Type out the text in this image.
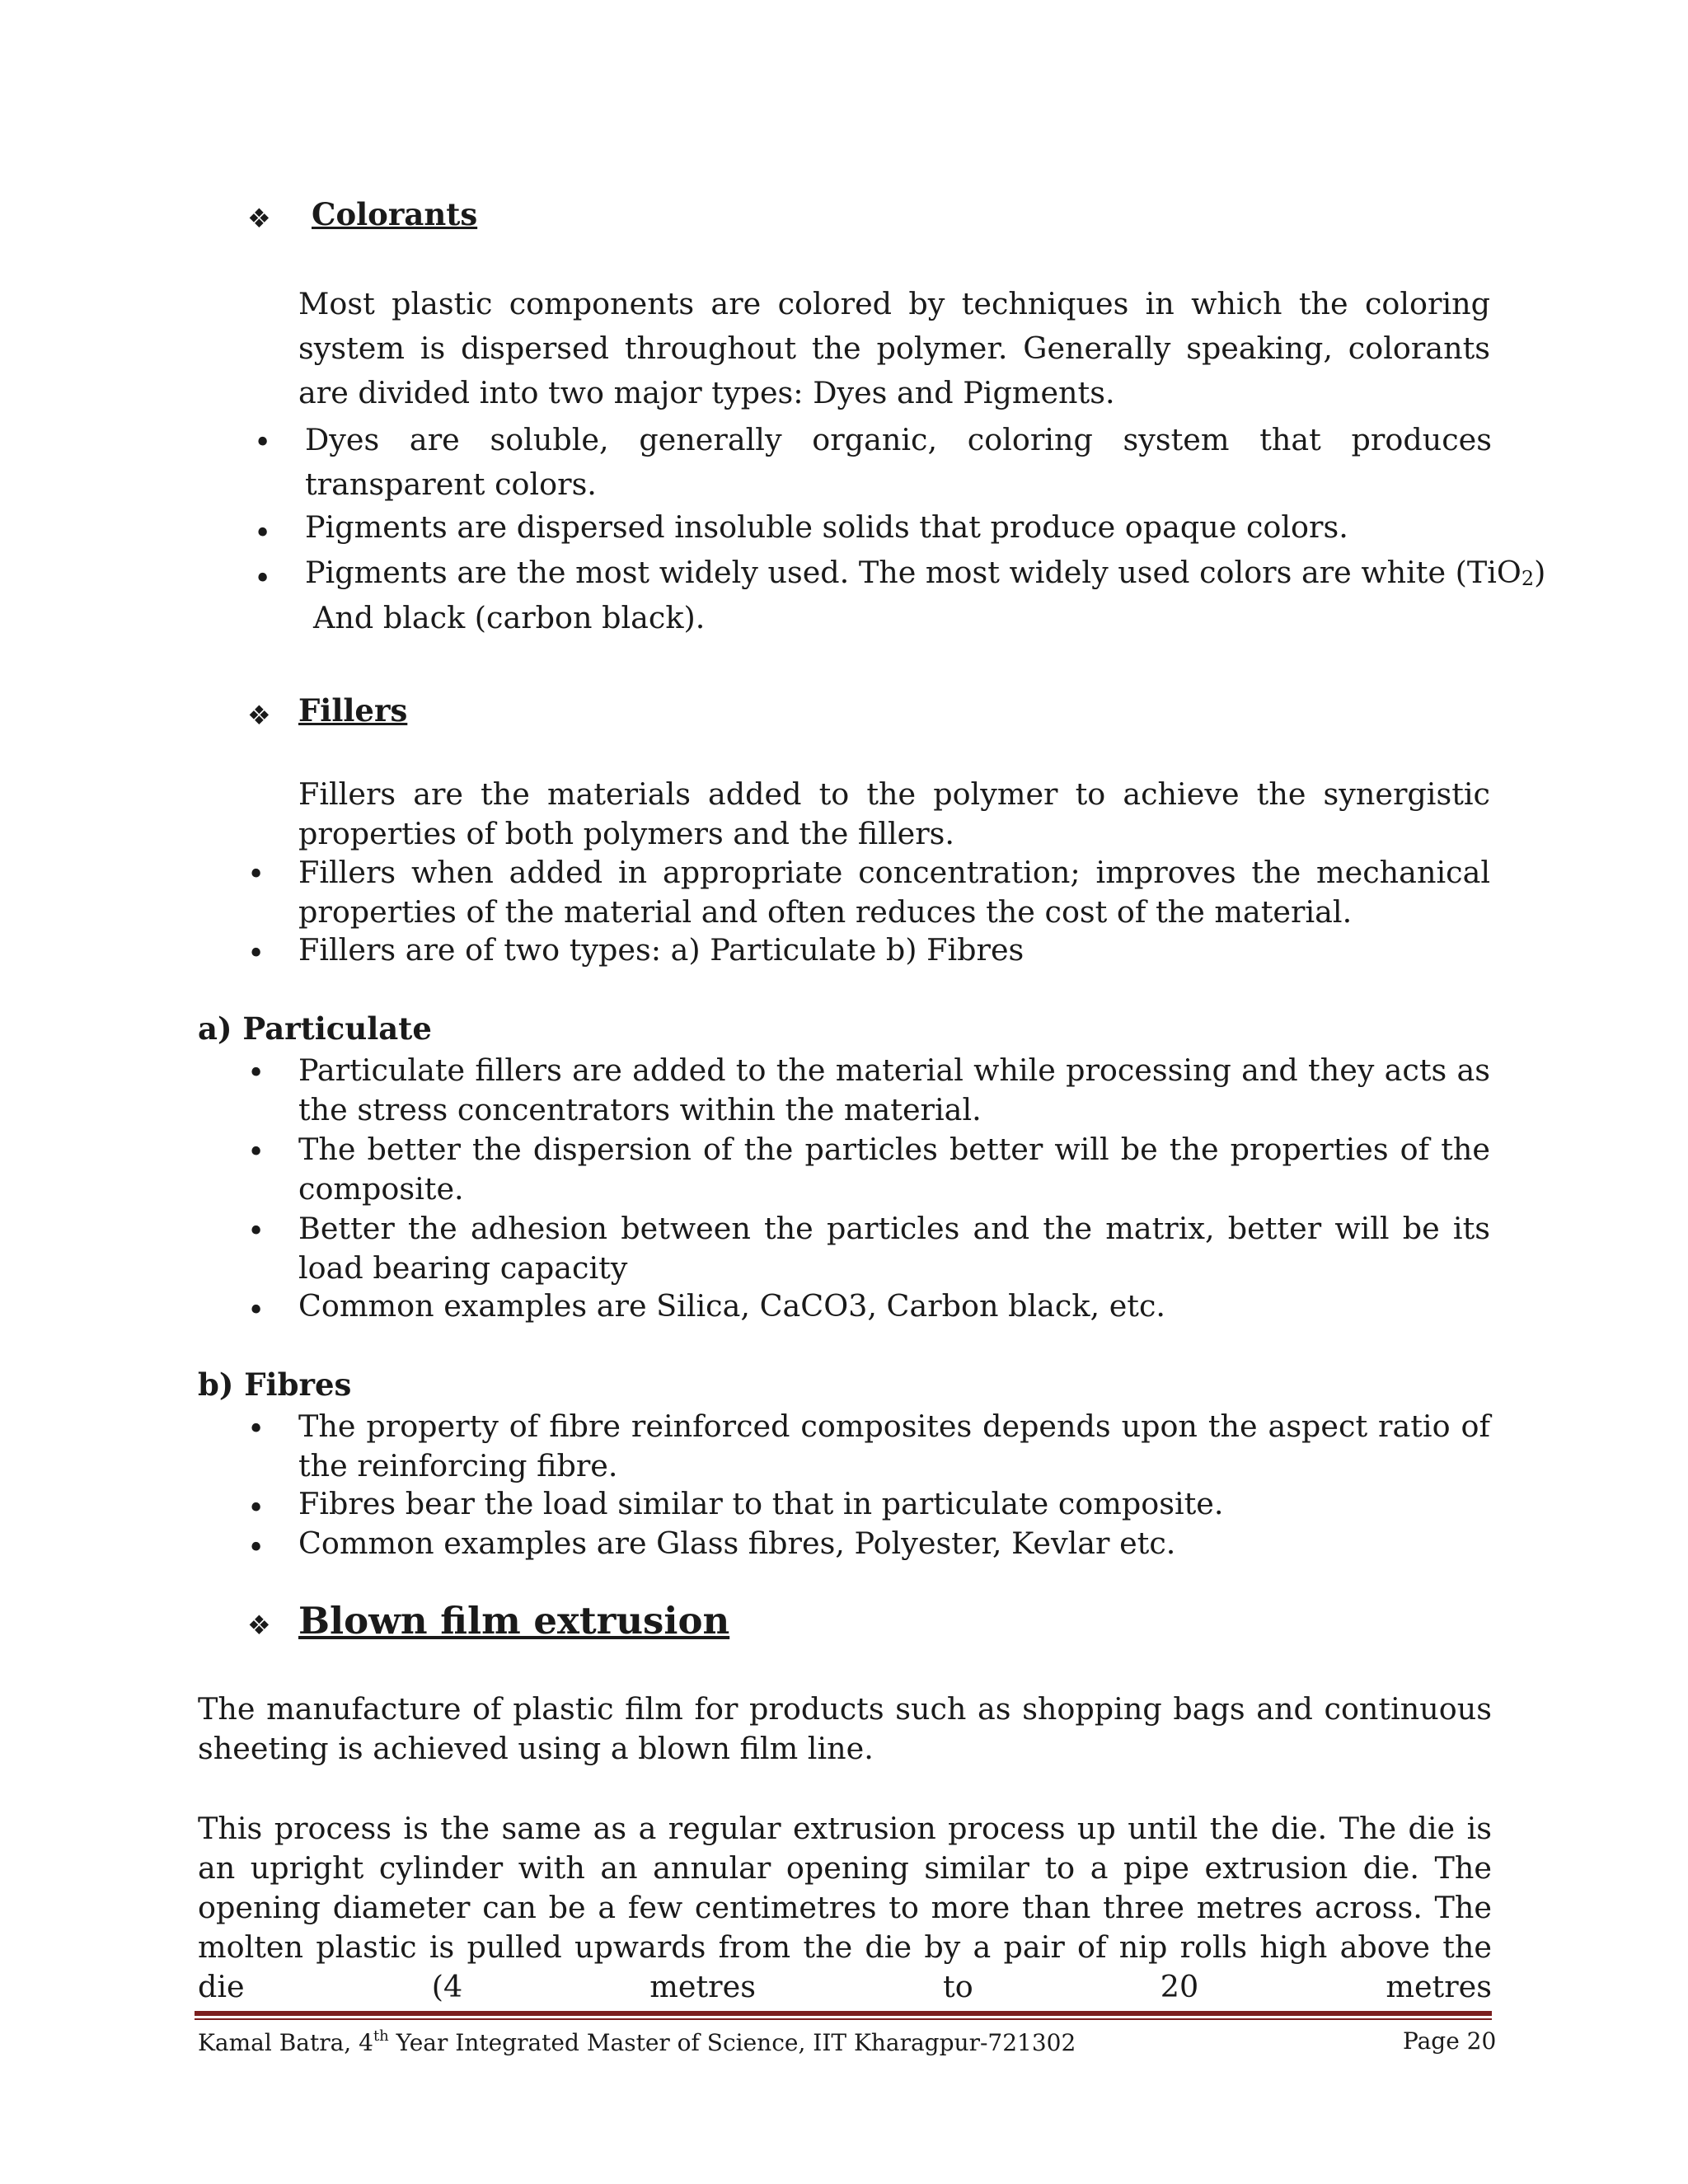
❖ Colorants

Most plastic components are colored by techniques in which the coloring system is dispersed throughout the polymer. Generally speaking, colorants are divided into two major types: Dyes and Pigments.

• Dyes are soluble, generally organic, coloring system that produces transparent colors.

• Pigments are dispersed insoluble solids that produce opaque colors.
• Pigments are the most widely used. The most widely used colors are white (TiO$_2$)
And black (carbon black).
❖ Fillers

Fillers are the materials added to the polymer to achieve the synergistic properties of both polymers and the fillers.

• Fillers when added in appropriate concentration; improves the mechanical properties of the material and often reduces the cost of the material.

• Fillers are of two types: a) Particulate b) Fibres
a) Particulate
• Particulate fillers are added to the material while processing and they acts as the stress concentrators within the material.

• The better the dispersion of the particles better will be the properties of the composite.

• Better the adhesion between the particles and the matrix, better will be its load bearing capacity

• Common examples are Silica, CaCO3, Carbon black, etc.
b) Fibres
• The property of fibre reinforced composites depends upon the aspect ratio of the reinforcing fibre.

• Fibres bear the load similar to that in particulate composite.
• Common examples are Glass fibres, Polyester, Kevlar etc.
❖ Blown film extrusion

The manufacture of plastic film for products such as shopping bags and continuous sheeting is achieved using a blown film line.

This process is the same as a regular extrusion process up until the die. The die is an upright cylinder with an annular opening similar to a pipe extrusion die. The opening diameter can be a few centimetres to more than three metres across. The molten plastic is pulled upwards from the die by a pair of nip rolls high above the die (4 metres to 20 metres

Kamal Batra, 4th Year Integrated Master of Science, IIT Kharagpur-721302	Page 20
